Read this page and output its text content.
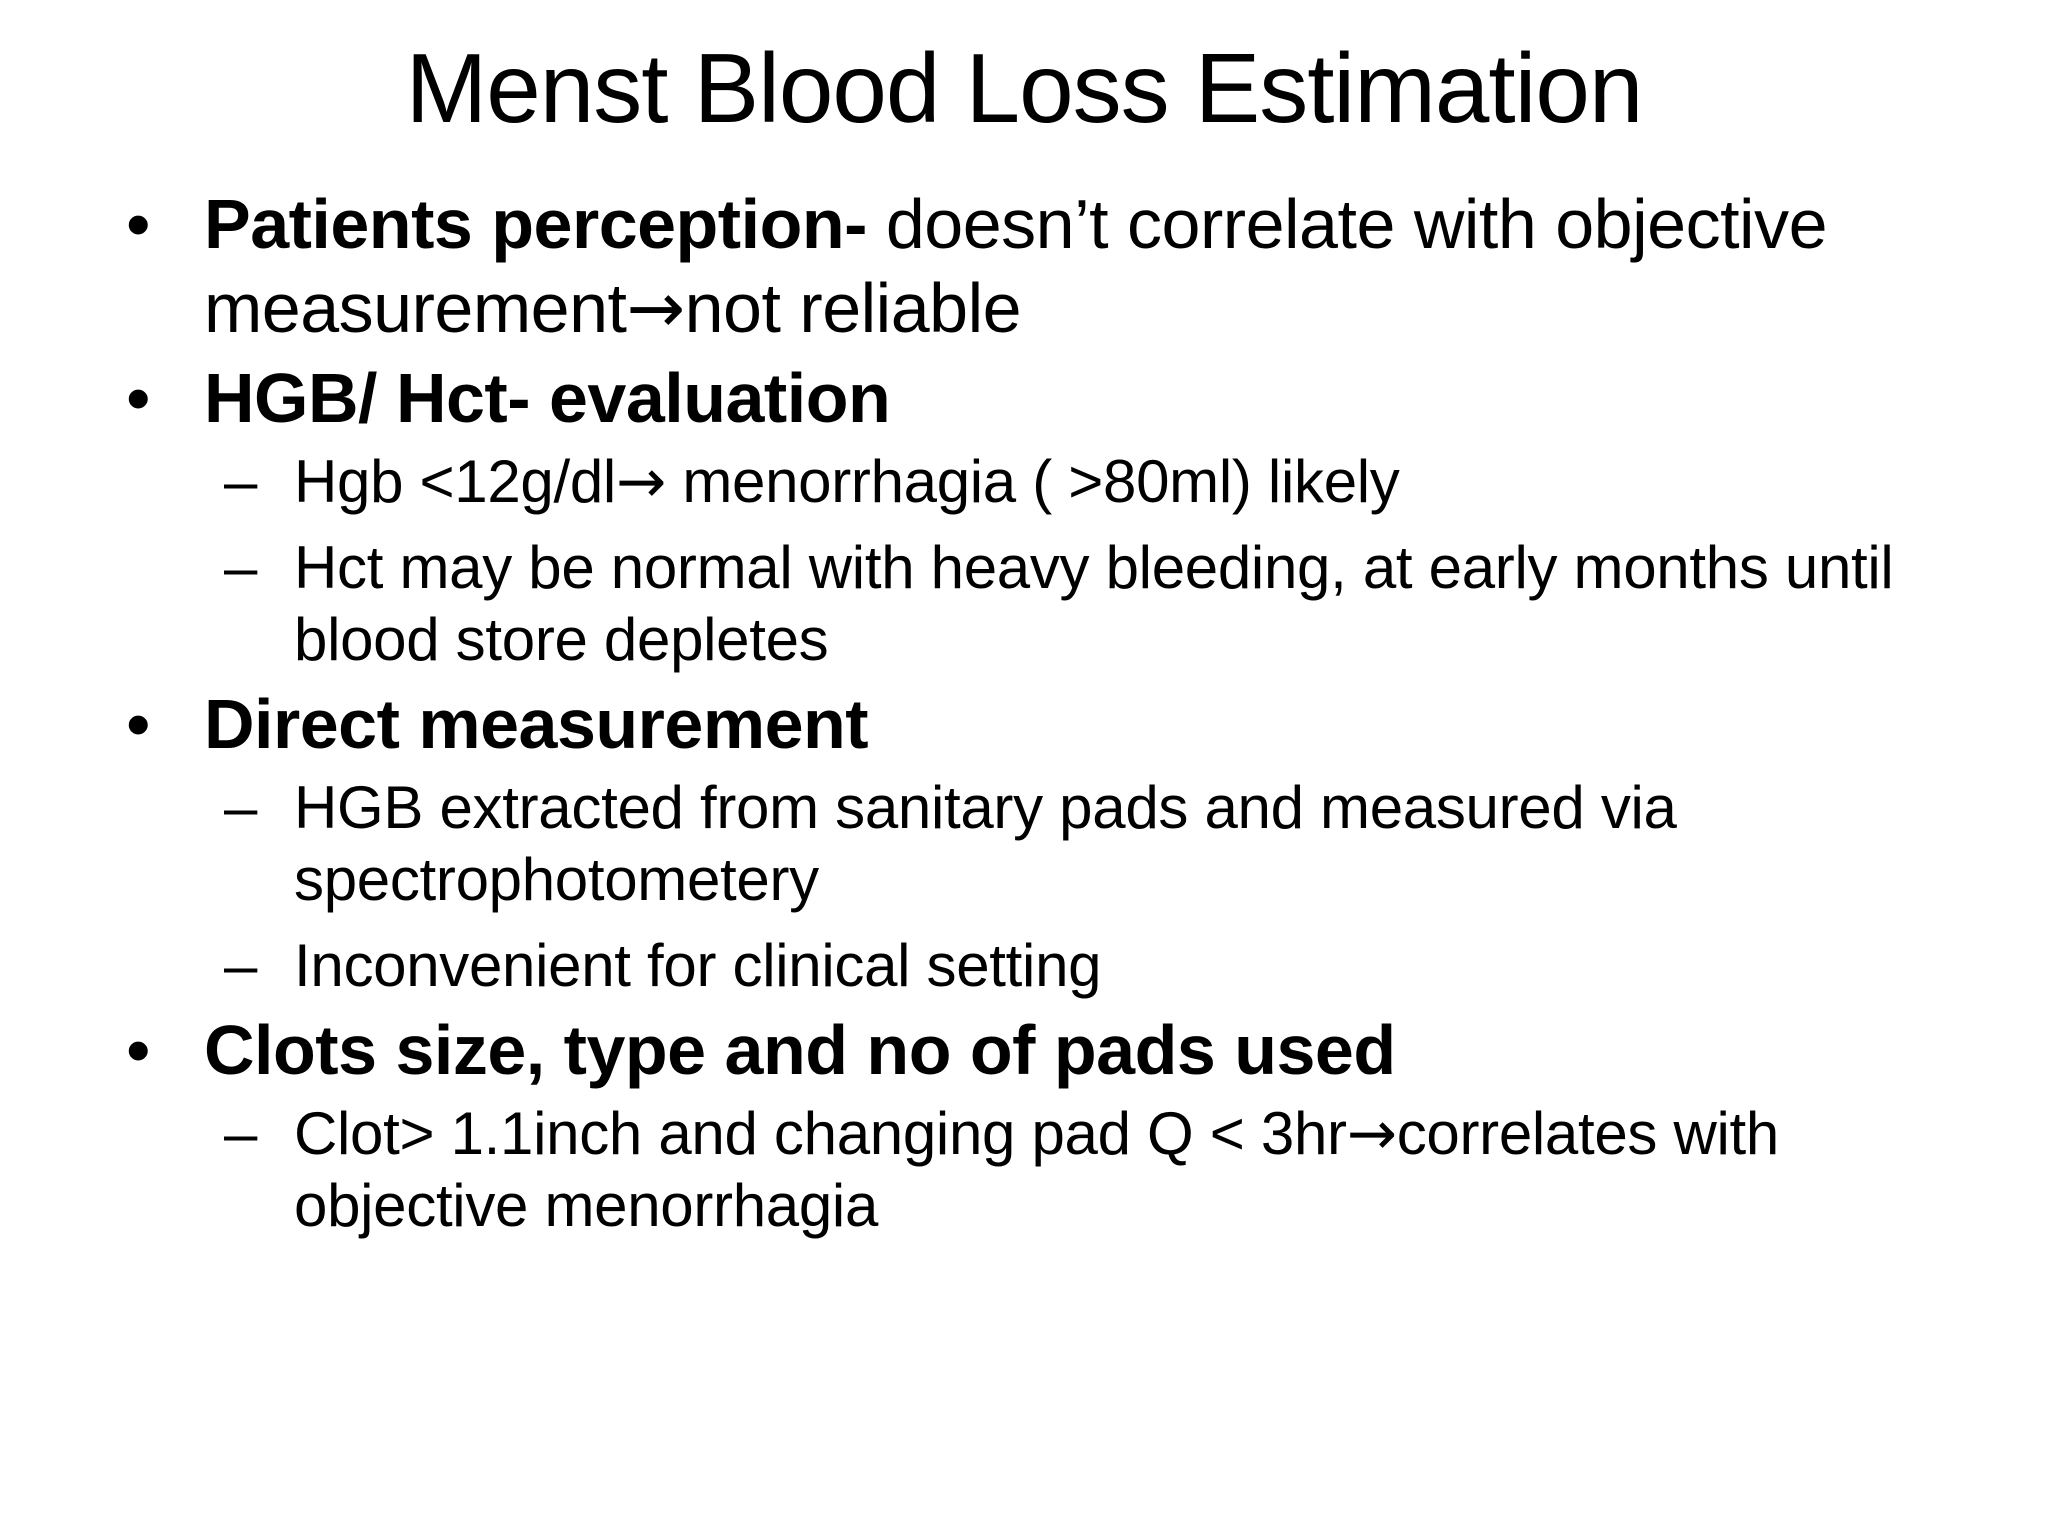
Menst Blood Loss Estimation
• Patients perception- doesn’t correlate with objective measurement→not reliable
• HGB/ Hct- evaluation
– Hgb <12g/dl→ menorrhagia ( >80ml) likely
– Hct may be normal with heavy bleeding, at early months until blood store depletes
• Direct measurement
– HGB extracted from sanitary pads and measured via spectrophotometery
– Inconvenient for clinical setting
• Clots size, type and no of pads used
– Clot> 1.1inch and changing pad Q < 3hr→correlates with objective menorrhagia
